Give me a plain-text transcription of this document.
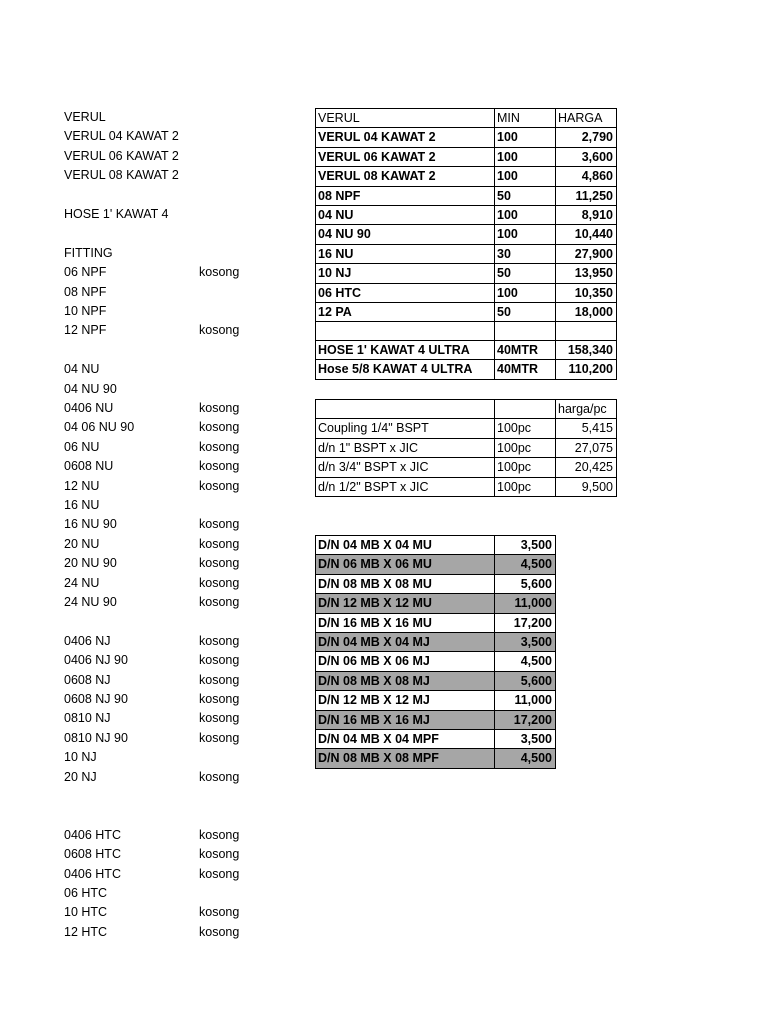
VERUL
VERUL 04 KAWAT 2
VERUL 06 KAWAT 2
VERUL 08 KAWAT 2
HOSE 1' KAWAT 4
FITTING
06 NPF	kosong
08 NPF
10 NPF
12 NPF	kosong
04 NU
04 NU 90
0406 NU	kosong
04 06 NU 90	kosong
06 NU	kosong
0608 NU	kosong
12 NU	kosong
16 NU
16 NU 90	kosong
20 NU	kosong
20 NU 90	kosong
24 NU	kosong
24 NU 90	kosong
0406 NJ	kosong
0406 NJ 90	kosong
0608 NJ	kosong
0608 NJ 90	kosong
0810 NJ	kosong
0810 NJ 90	kosong
10 NJ
20 NJ	kosong
0406 HTC	kosong
0608 HTC	kosong
0406 HTC	kosong
06 HTC
10 HTC	kosong
12 HTC	kosong
VERUL	MIN	HARGA
VERUL 04 KAWAT 2	100	2,790
VERUL 06 KAWAT 2	100	3,600
VERUL 08 KAWAT 2	100	4,860
08 NPF	50	11,250
04 NU	100	8,910
04 NU 90	100	10,440
16 NU	30	27,900
10 NJ	50	13,950
06 HTC	100	10,350
12 PA	50	18,000

HOSE 1' KAWAT 4 ULTRA	40MTR	158,340
Hose 5/8 KAWAT 4 ULTRA	40MTR	110,200
		harga/pc
Coupling 1/4" BSPT	100pc	5,415
d/n 1" BSPT x JIC	100pc	27,075
d/n 3/4" BSPT x JIC	100pc	20,425
d/n 1/2" BSPT x JIC	100pc	9,500
D/N 04 MB X 04 MU	3,500
D/N 06 MB X 06 MU	4,500
D/N 08 MB X 08 MU	5,600
D/N 12 MB X 12 MU	11,000
D/N 16 MB X 16 MU	17,200
D/N 04 MB X 04 MJ	3,500
D/N 06 MB X 06 MJ	4,500
D/N 08 MB X 08 MJ	5,600
D/N 12 MB X 12 MJ	11,000
D/N 16 MB X 16 MJ	17,200
D/N 04 MB X 04 MPF	3,500
D/N 08 MB X 08 MPF	4,500
